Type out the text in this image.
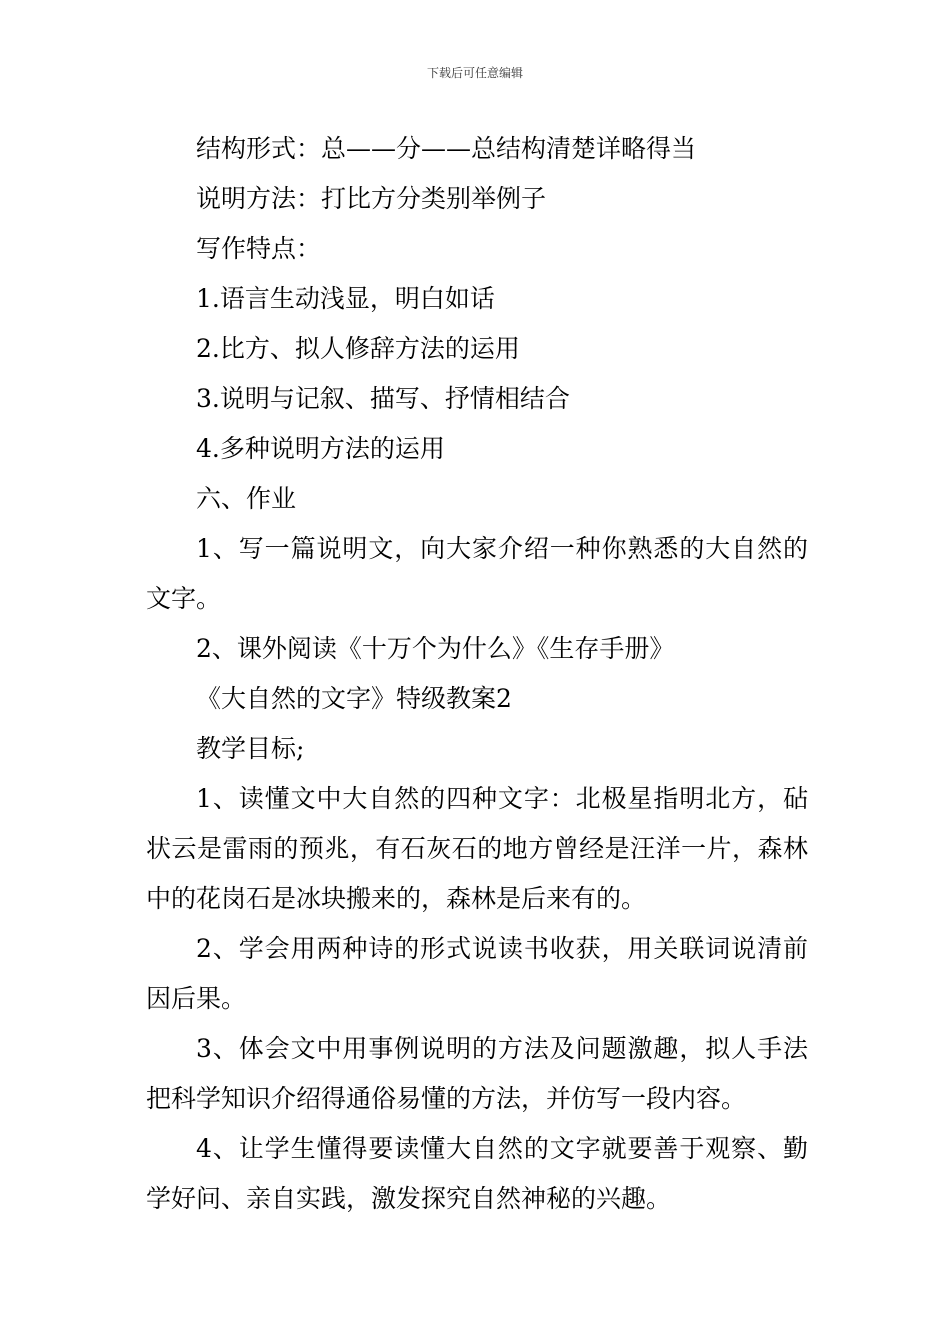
下载后可任意编辑

结构形式：总——分——总结构清楚详略得当

说明方法：打比方分类别举例子

写作特点：

1.语言生动浅显，明白如话

2.比方、拟人修辞方法的运用

3.说明与记叙、描写、抒情相结合

4.多种说明方法的运用

六、作业

1、写一篇说明文，向大家介绍一种你熟悉的大自然的文字。

2、课外阅读《十万个为什么》《生存手册》

《大自然的文字》特级教案2

教学目标;

1、读懂文中大自然的四种文字：北极星指明北方，砧状云是雷雨的预兆，有石灰石的地方曾经是汪洋一片，森林中的花岗石是冰块搬来的，森林是后来有的。

2、学会用两种诗的形式说读书收获，用关联词说清前因后果。

3、体会文中用事例说明的方法及问题激趣，拟人手法把科学知识介绍得通俗易懂的方法，并仿写一段内容。

4、让学生懂得要读懂大自然的文字就要善于观察、勤学好问、亲自实践，激发探究自然神秘的兴趣。
